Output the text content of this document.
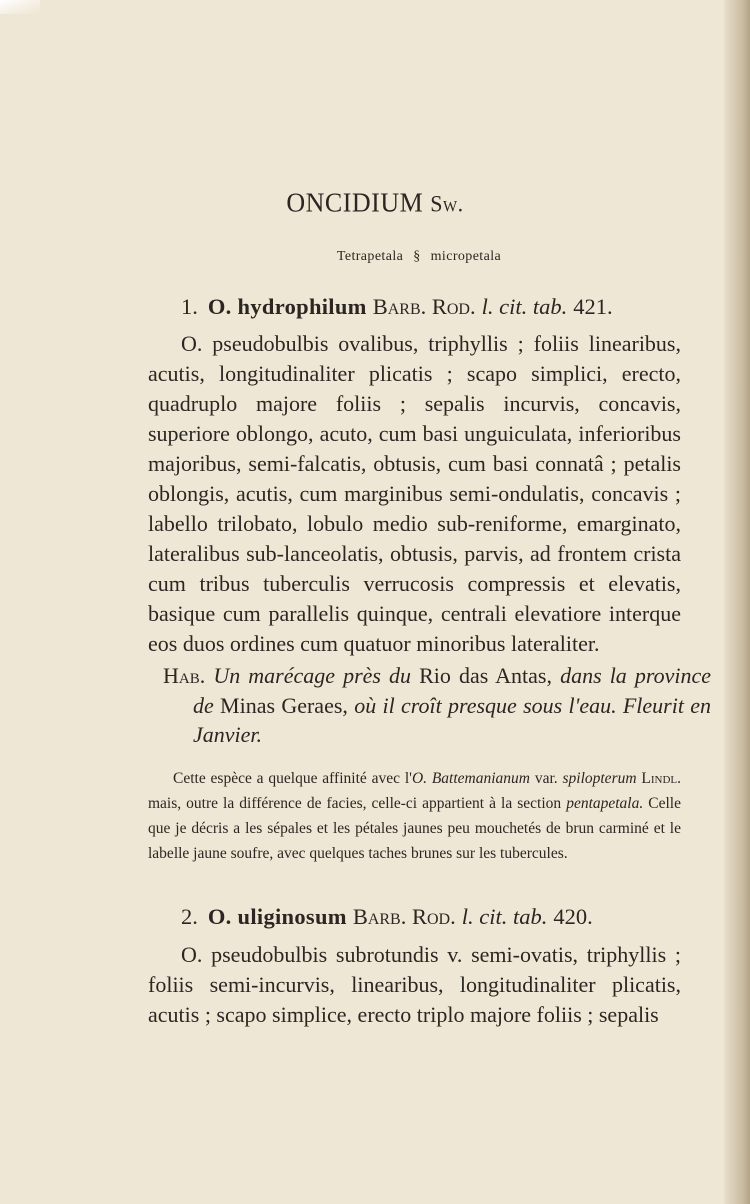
ONCIDIUM Sw.
Tetrapetala § micropetala
1. O. hydrophilum Barb. Rod. l. cit. tab. 421.

O. pseudobulbis ovalibus, triphyllis ; foliis linearibus, acutis, longitudinaliter plicatis ; scapo simplici, erecto, quadruplo majore foliis ; sepalis incurvis, concavis, superiore oblongo, acuto, cum basi unguiculata, inferioribus majoribus, semi-falcatis, obtusis, cum basi connatâ ; petalis oblongis, acutis, cum marginibus semi-ondulatis, concavis ; labello trilobato, lobulo medio sub-reniforme, emarginato, lateralibus sub-lanceolatis, obtusis, parvis, ad frontem crista cum tribus tuberculis verrucosis compressis et elevatis, basique cum parallelis quinque, centrali elevatiore interque eos duos ordines cum quatuor minoribus lateraliter.

Hab. Un marécage près du Rio das Antas, dans la province de Minas Geraes, où il croît presque sous l'eau. Fleurit en Janvier.

Cette espèce a quelque affinité avec l'O. Battemanianum var. spilopterum Lindl. mais, outre la différence de facies, celle-ci appartient à la section pentapetala. Celle que je décris a les sépales et les pétales jaunes peu mouchetés de brun carminé et le labelle jaune soufre, avec quelques taches brunes sur les tubercules.

2. O. uliginosum Barb. Rod. l. cit. tab. 420.

O. pseudobulbis subrotundis v. semi-ovatis, triphyllis ; foliis semi-incurvis, linearibus, longitudinaliter plicatis, acutis ; scapo simplice, erecto triplo majore foliis ; sepalis
